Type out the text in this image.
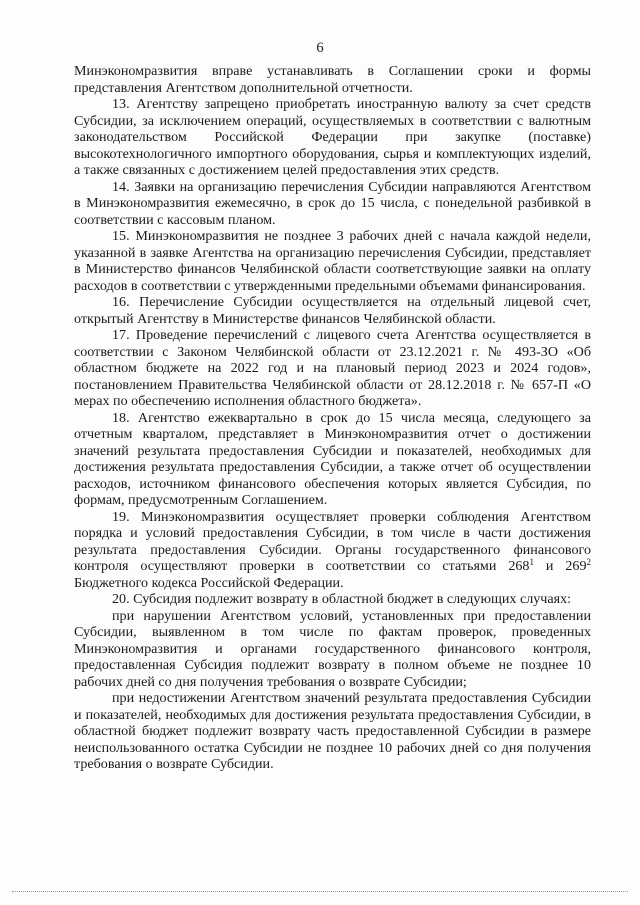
6

Минэкономразвития вправе устанавливать в Соглашении сроки и формы представления Агентством дополнительной отчетности.

13. Агентству запрещено приобретать иностранную валюту за счет средств Субсидии, за исключением операций, осуществляемых в соответствии с валютным законодательством Российской Федерации при закупке (поставке) высокотехнологичного импортного оборудования, сырья и комплектующих изделий, а также связанных с достижением целей предоставления этих средств.

14. Заявки на организацию перечисления Субсидии направляются Агентством в Минэкономразвития ежемесячно, в срок до 15 числа, с понедельной разбивкой в соответствии с кассовым планом.

15. Минэкономразвития не позднее 3 рабочих дней с начала каждой недели, указанной в заявке Агентства на организацию перечисления Субсидии, представляет в Министерство финансов Челябинской области соответствующие заявки на оплату расходов в соответствии с утвержденными предельными объемами финансирования.

16. Перечисление Субсидии осуществляется на отдельный лицевой счет, открытый Агентству в Министерстве финансов Челябинской области.

17. Проведение перечислений с лицевого счета Агентства осуществляется в соответствии с Законом Челябинской области от 23.12.2021 г. № 493-ЗО «Об областном бюджете на 2022 год и на плановый период 2023 и 2024 годов», постановлением Правительства Челябинской области от 28.12.2018 г. № 657-П «О мерах по обеспечению исполнения областного бюджета».

18. Агентство ежеквартально в срок до 15 числа месяца, следующего за отчетным кварталом, представляет в Минэкономразвития отчет о достижении значений результата предоставления Субсидии и показателей, необходимых для достижения результата предоставления Субсидии, а также отчет об осуществлении расходов, источником финансового обеспечения которых является Субсидия, по формам, предусмотренным Соглашением.

19. Минэкономразвития осуществляет проверки соблюдения Агентством порядка и условий предоставления Субсидии, в том числе в части достижения результата предоставления Субсидии. Органы государственного финансового контроля осуществляют проверки в соответствии со статьями $268^1$ и $269^2$ Бюджетного кодекса Российской Федерации.

20. Субсидия подлежит возврату в областной бюджет в следующих случаях:

при нарушении Агентством условий, установленных при предоставлении Субсидии, выявленном в том числе по фактам проверок, проведенных Минэкономразвития и органами государственного финансового контроля, предоставленная Субсидия подлежит возврату в полном объеме не позднее 10 рабочих дней со дня получения требования о возврате Субсидии;

при недостижении Агентством значений результата предоставления Субсидии и показателей, необходимых для достижения результата предоставления Субсидии, в областной бюджет подлежит возврату часть предоставленной Субсидии в размере неиспользованного остатка Субсидии не позднее 10 рабочих дней со дня получения требования о возврате Субсидии.
